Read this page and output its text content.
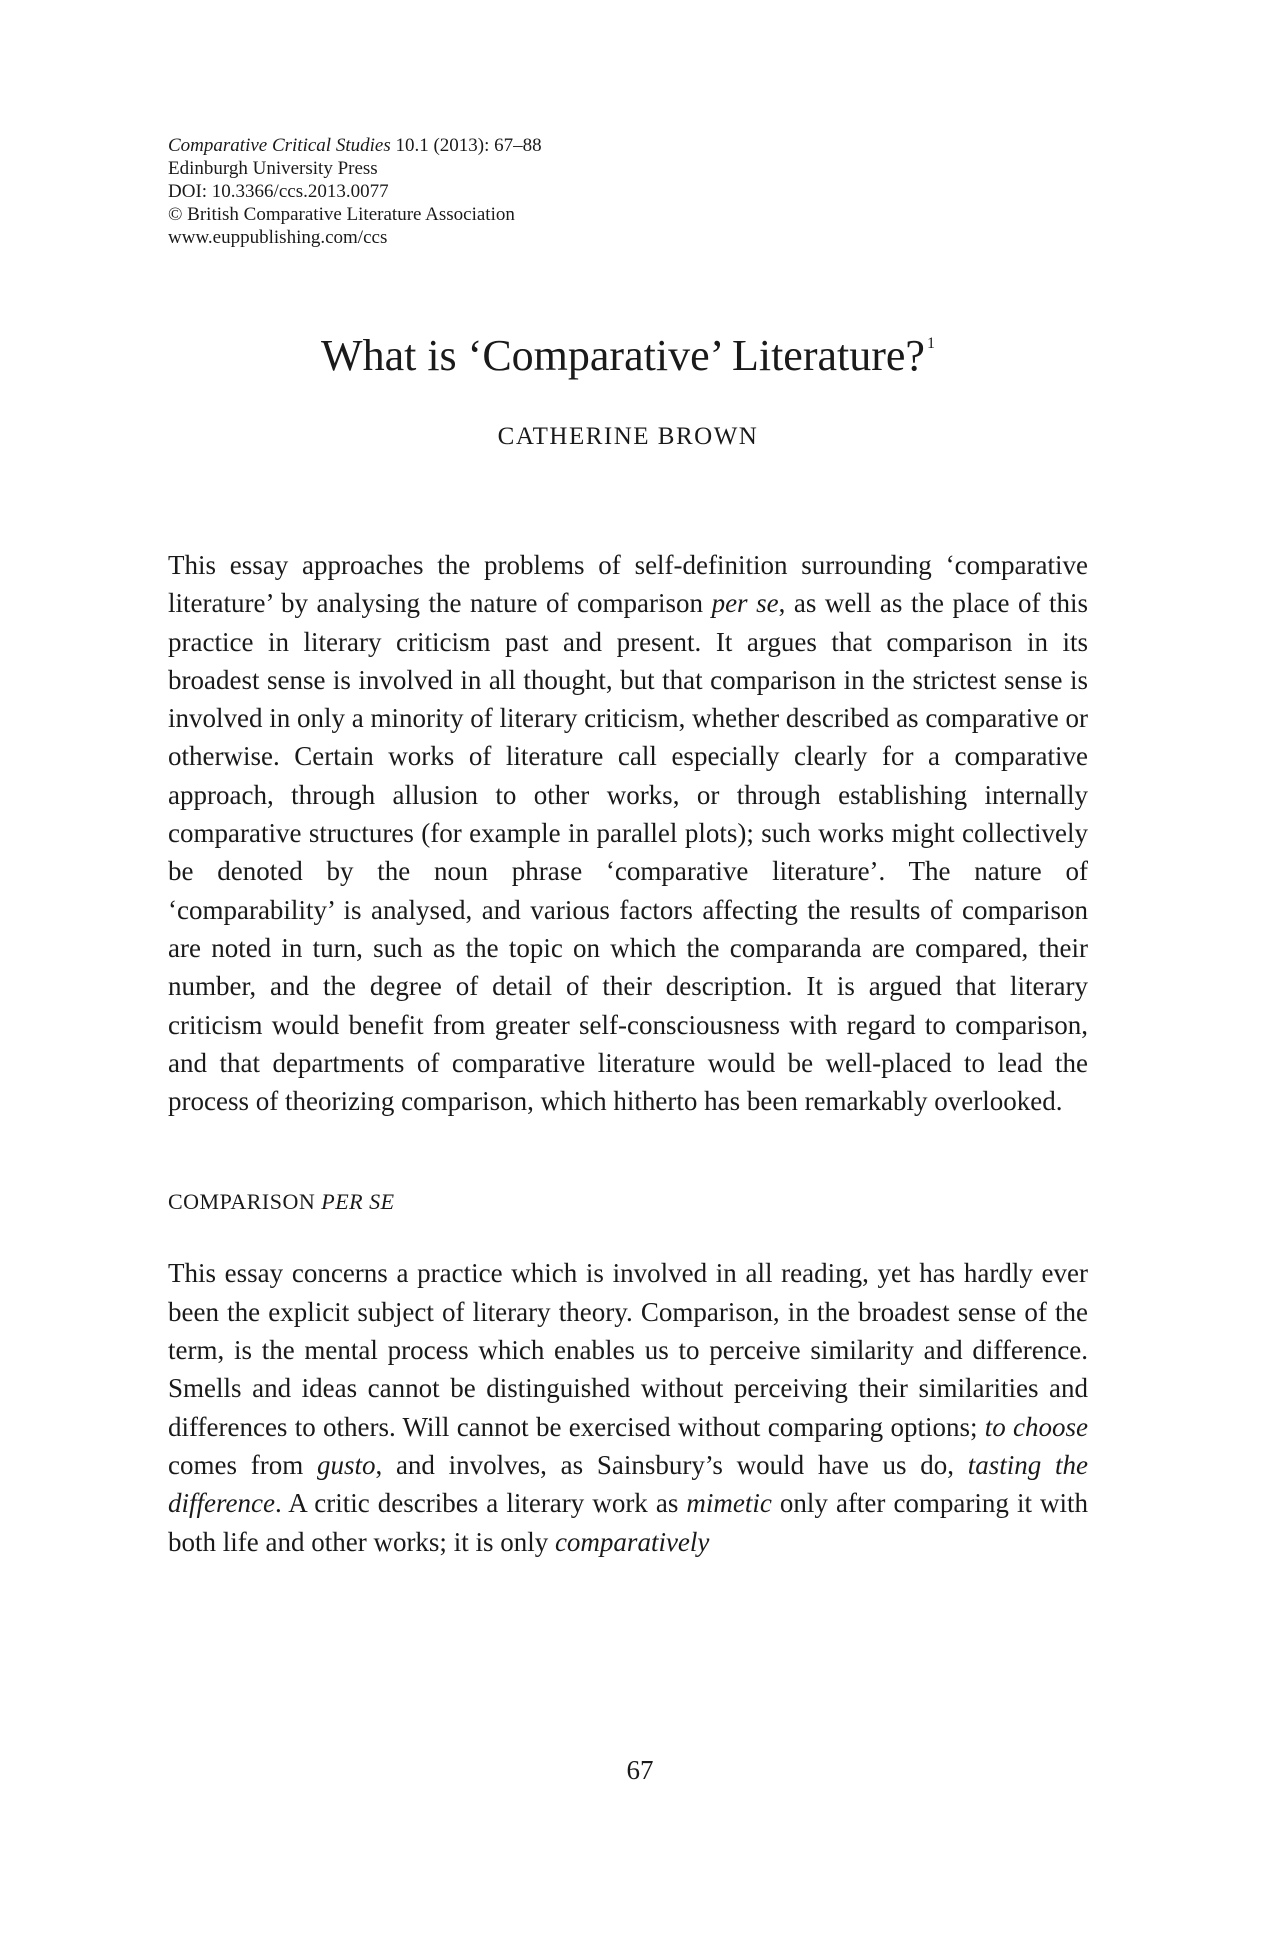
Comparative Critical Studies 10.1 (2013): 67–88
Edinburgh University Press
DOI: 10.3366/ccs.2013.0077
© British Comparative Literature Association
www.euppublishing.com/ccs
What is ‘Comparative’ Literature? $^1$
CATHERINE BROWN
This essay approaches the problems of self-definition surrounding ‘comparative literature’ by analysing the nature of comparison per se, as well as the place of this practice in literary criticism past and present. It argues that comparison in its broadest sense is involved in all thought, but that comparison in the strictest sense is involved in only a minority of literary criticism, whether described as comparative or otherwise. Certain works of literature call especially clearly for a comparative approach, through allusion to other works, or through establishing internally comparative structures (for example in parallel plots); such works might collectively be denoted by the noun phrase ‘comparative literature’. The nature of ‘comparability’ is analysed, and various factors affecting the results of comparison are noted in turn, such as the topic on which the comparanda are compared, their number, and the degree of detail of their description. It is argued that literary criticism would benefit from greater self-consciousness with regard to comparison, and that departments of comparative literature would be well-placed to lead the process of theorizing comparison, which hitherto has been remarkably overlooked.
COMPARISON PER SE
This essay concerns a practice which is involved in all reading, yet has hardly ever been the explicit subject of literary theory. Comparison, in the broadest sense of the term, is the mental process which enables us to perceive similarity and difference. Smells and ideas cannot be distinguished without perceiving their similarities and differences to others. Will cannot be exercised without comparing options; to choose comes from gusto, and involves, as Sainsbury’s would have us do, tasting the difference. A critic describes a literary work as mimetic only after comparing it with both life and other works; it is only comparatively
67
